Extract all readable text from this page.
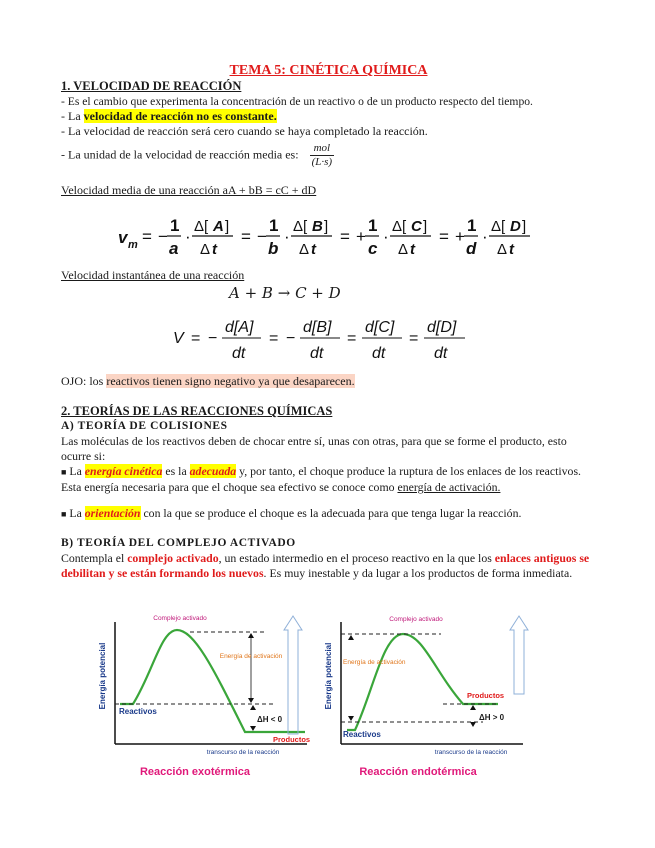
TEMA 5: CINÉTICA QUÍMICA
1. VELOCIDAD DE REACCIÓN
- Es el cambio que experimenta la concentración de un reactivo o de un producto respecto del tiempo.
- La velocidad de reacción no es constante.
- La velocidad de reacción será cero cuando se haya completado la reacción.
- La unidad de la velocidad de reacción media es: $\frac{\text{mol}}{(L\cdot s)}$
Velocidad media de una reacción aA + bB = cC + dD
v m = −
1
a
·
Δ[ A ]
Δ t
= −
1
b
·
Δ[ B ]
Δ t
= +
1
c
·
Δ[ C ]
Δ t
= +
1
d
·
Δ[ D ]
Δ t
Velocidad instantánea de una reacción
A + B → C + D
V = −
d[A]
dt
= −
d[B]
dt
=
d[C]
dt
=
d[D]
dt
OJO: los reactivos tienen signo negativo ya que desaparecen.
2. TEORÍAS DE LAS REACCIONES QUÍMICAS
A) TEORÍA DE COLISIONES
Las moléculas de los reactivos deben de chocar entre sí, unas con otras, para que se forme el producto, esto ocurre si:
■ La energía cinética es la adecuada y, por tanto, el choque produce la ruptura de los enlaces de los reactivos. Esta energía necesaria para que el choque sea efectivo se conoce como energía de activación.
■ La orientación con la que se produce el choque es la adecuada para que tenga lugar la reacción.
B) TEORÍA DEL COMPLEJO ACTIVADO
Contempla el complejo activado, un estado intermedio en el proceso reactivo en la que los enlaces antiguos se debilitan y se están formando los nuevos. Es muy inestable y da lugar a los productos de forma inmediata.
Energía potencial
Complejo activado
Energía de activación
Reactivos
ΔH < 0
Productos
transcurso de la reacción
Reacción exotérmica
Energía potencial
Complejo activado
Energía de activación
Productos
ΔH > 0
Reactivos
transcurso de la reacción
Reacción endotérmica
